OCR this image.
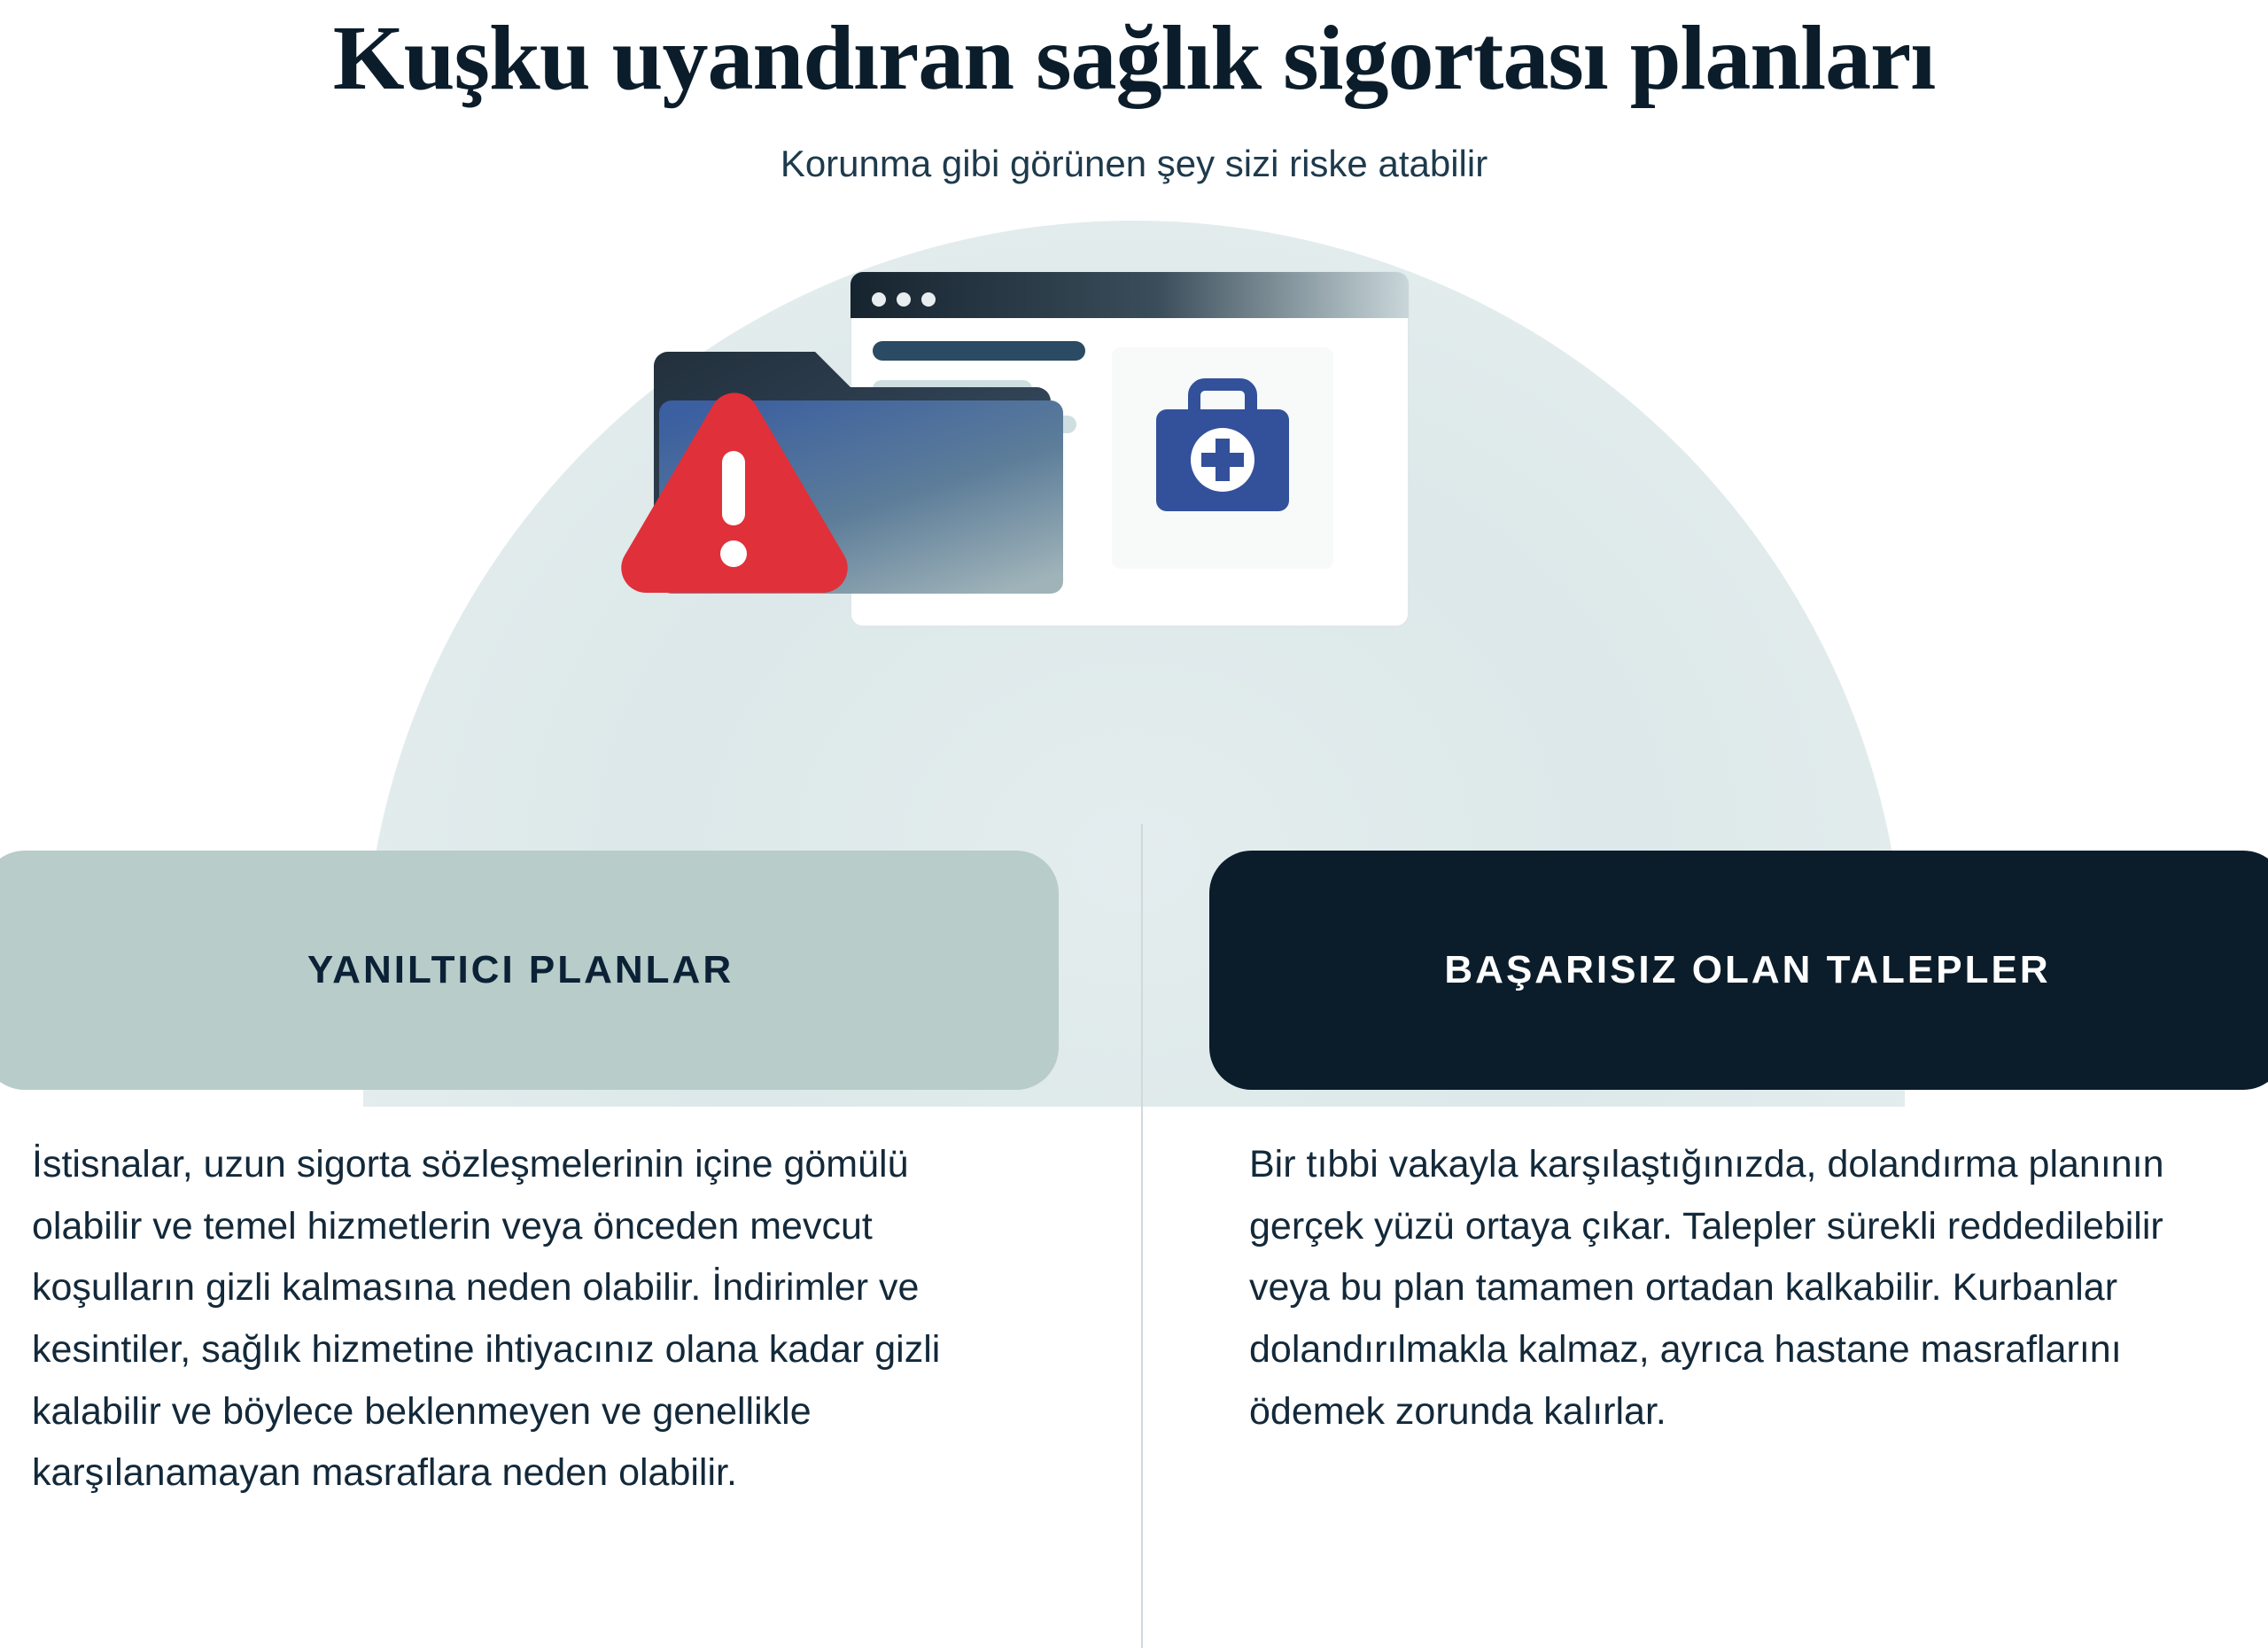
Kuşku uyandıran sağlık sigortası planları

Korunma gibi görünen şey sizi riske atabilir

YANILTICI PLANLAR	BAŞARISIZ OLAN TALEPLER

İstisnalar, uzun sigorta sözleşmelerinin içine gömülü olabilir ve temel hizmetlerin veya önceden mevcut koşulların gizli kalmasına neden olabilir. İndirimler ve kesintiler, sağlık hizmetine ihtiyacınız olana kadar gizli kalabilir ve böylece beklenmeyen ve genellikle karşılanamayan masraflara neden olabilir.

Bir tıbbi vakayla karşılaştığınızda, dolandırma planının gerçek yüzü ortaya çıkar. Talepler sürekli reddedilebilir veya bu plan tamamen ortadan kalkabilir. Kurbanlar dolandırılmakla kalmaz, ayrıca hastane masraflarını ödemek zorunda kalırlar.
